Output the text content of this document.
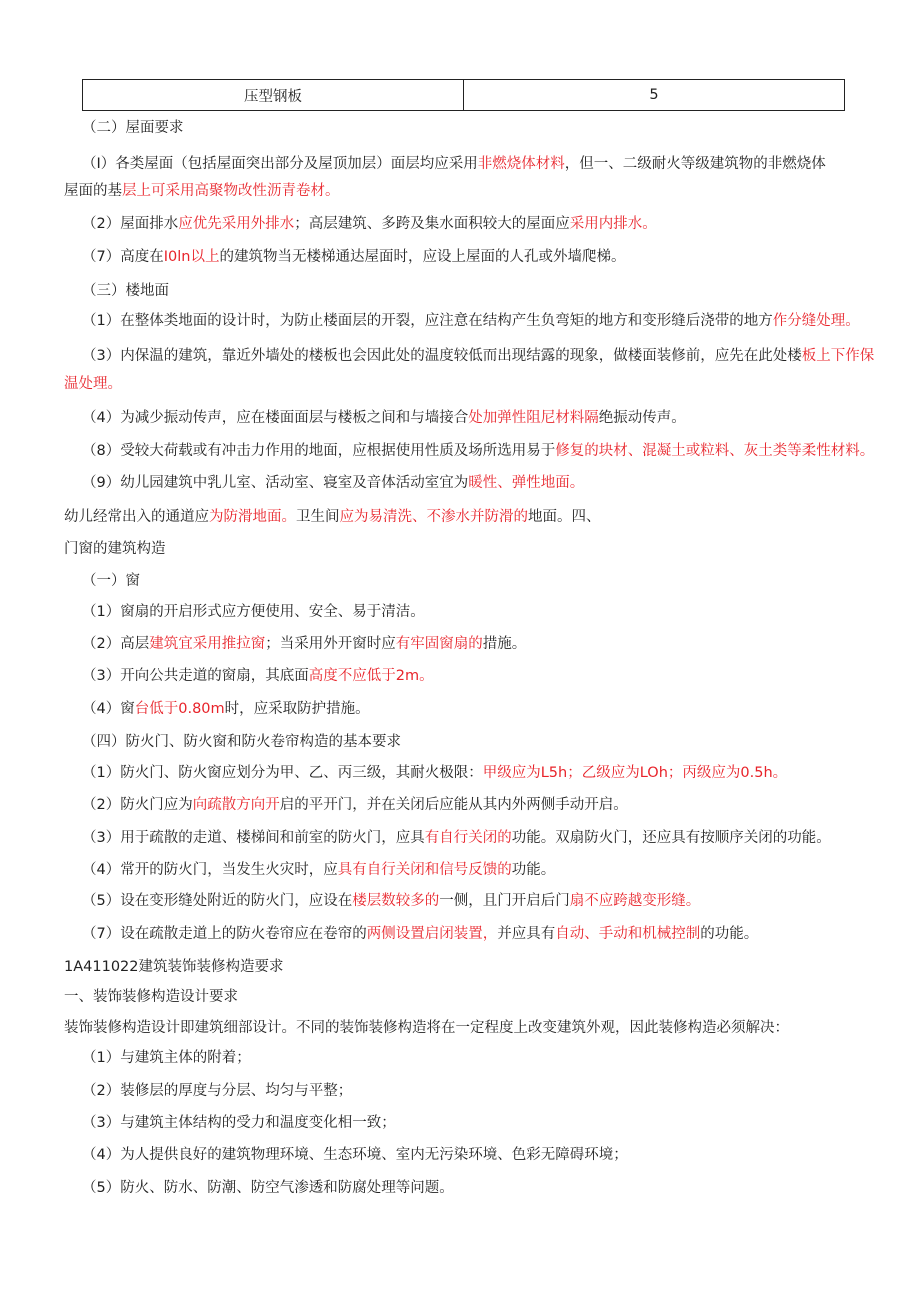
压型钢板	5
（二）屋面要求
（I）各类屋面（包括屋面突出部分及屋顶加层）面层均应采用非燃烧体材料，但一、二级耐火等级建筑物的非燃烧体
屋面的基层上可采用高聚物改性沥青卷材。
（2）屋面排水应优先采用外排水；高层建筑、多跨及集水面积较大的屋面应采用内排水。
（7）高度在I0ln以上的建筑物当无楼梯通达屋面时，应设上屋面的人孔或外墙爬梯。
（三）楼地面
（1）在整体类地面的设计时，为防止楼面层的开裂，应注意在结构产生负弯矩的地方和变形缝后浇带的地方作分缝处理。
（3）内保温的建筑，靠近外墙处的楼板也会因此处的温度较低而出现结露的现象，做楼面装修前，应先在此处楼板上下作保
温处理。
（4）为减少振动传声，应在楼面面层与楼板之间和与墙接合处加弹性阻尼材料隔绝振动传声。
（8）受较大荷载或有冲击力作用的地面，应根据使用性质及场所选用易于修复的块材、混凝土或粒料、灰土类等柔性材料。
（9）幼儿园建筑中乳儿室、活动室、寝室及音体活动室宜为暖性、弹性地面。
幼儿经常出入的通道应为防滑地面。卫生间应为易清洗、不渗水并防滑的地面。四、
门窗的建筑构造
（一）窗
（1）窗扇的开启形式应方便使用、安全、易于清洁。
（2）高层建筑宜采用推拉窗；当采用外开窗时应有牢固窗扇的措施。
（3）开向公共走道的窗扇，其底面高度不应低于2m。
（4）窗台低于0.80m时，应采取防护措施。
（四）防火门、防火窗和防火卷帘构造的基本要求
（1）防火门、防火窗应划分为甲、乙、丙三级，其耐火极限：甲级应为L5h；乙级应为LOh；丙级应为0.5h。
（2）防火门应为向疏散方向开启的平开门，并在关闭后应能从其内外两侧手动开启。
（3）用于疏散的走道、楼梯间和前室的防火门，应具有自行关闭的功能。双扇防火门，还应具有按顺序关闭的功能。
（4）常开的防火门，当发生火灾时，应具有自行关闭和信号反馈的功能。
（5）设在变形缝处附近的防火门，应设在楼层数较多的一侧，且门开启后门扇不应跨越变形缝。
（7）设在疏散走道上的防火卷帘应在卷帘的两侧设置启闭装置，并应具有自动、手动和机械控制的功能。
1A411022建筑装饰装修构造要求
一、装饰装修构造设计要求
装饰装修构造设计即建筑细部设计。不同的装饰装修构造将在一定程度上改变建筑外观，因此装修构造必须解决：
（1）与建筑主体的附着；
（2）装修层的厚度与分层、均匀与平整；
（3）与建筑主体结构的受力和温度变化相一致；
（4）为人提供良好的建筑物理环境、生态环境、室内无污染环境、色彩无障碍环境；
（5）防火、防水、防潮、防空气渗透和防腐处理等问题。
